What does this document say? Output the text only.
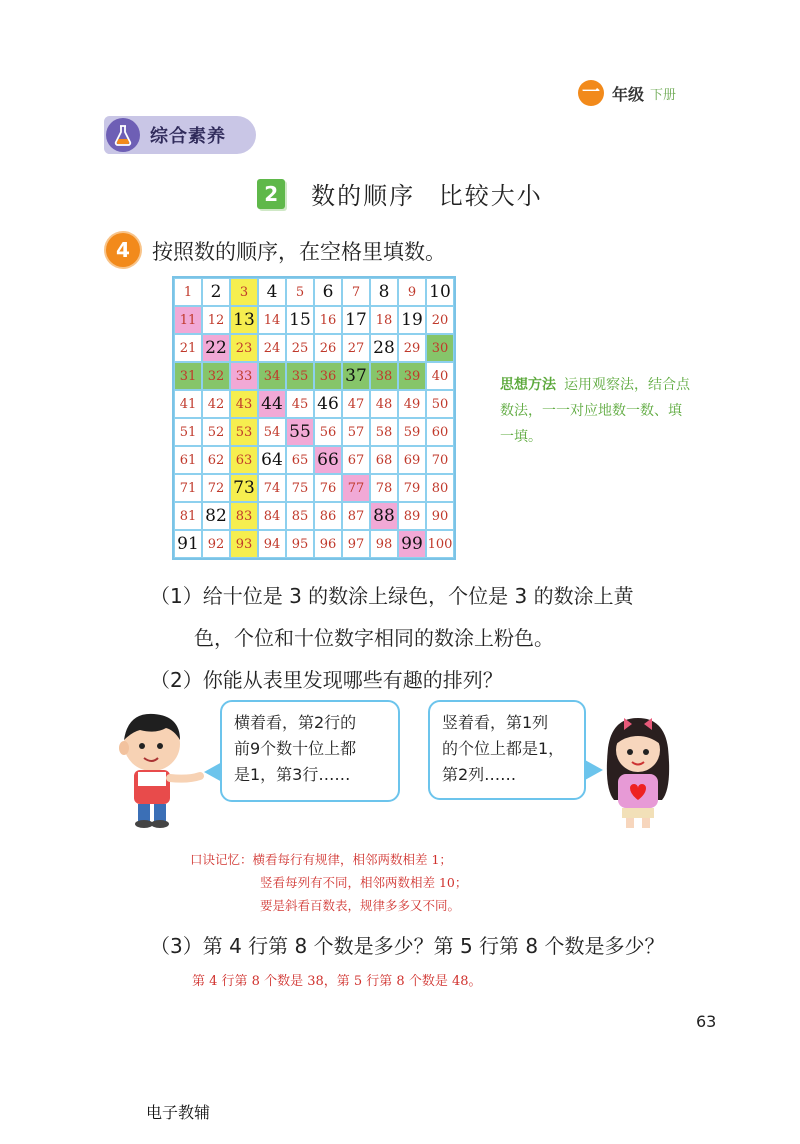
一 年级 下册
综合素养
2 数的顺序 比较大小
4	按照数的顺序，在空格里填数。
1	2	3	4	5	6	7	8	9 10
11 12 13 14 15 16 17 18 19 20
21 22 23 24 25 26 27 28 29 30
31 32 33 34 35 36 37 38 39 40
41 42 43 44 45 46 47 48 49 50
51 52 53 54 55 56 57 58 59 60
61 62 63 64 65 66 67 68 69 70
71 72 73 74 75 76 77 78 79 80
81 82 83 84 85 86 87 88 89 90
91 92 93 94 95 96 97 98 99 100
思想方法 运用观察法，结合点数法，一一对应地数一数、填一填。
（1）给十位是 3 的数涂上绿色，个位是 3 的数涂上黄
色，个位和十位数字相同的数涂上粉色。
（2）你能从表里发现哪些有趣的排列？
横着看，第2行的
前9个数十位上都
是1，第3行……
竖着看，第1列
的个位上都是1，
第2列……
口诀记忆：横看每行有规律，相邻两数相差 1；
竖看每列有不同，相邻两数相差 10；
要是斜看百数表，规律多多又不同。
（3）第 4 行第 8 个数是多少？第 5 行第 8 个数是多少？
第 4 行第 8 个数是 38，第 5 行第 8 个数是 48。
63
电子教辅
